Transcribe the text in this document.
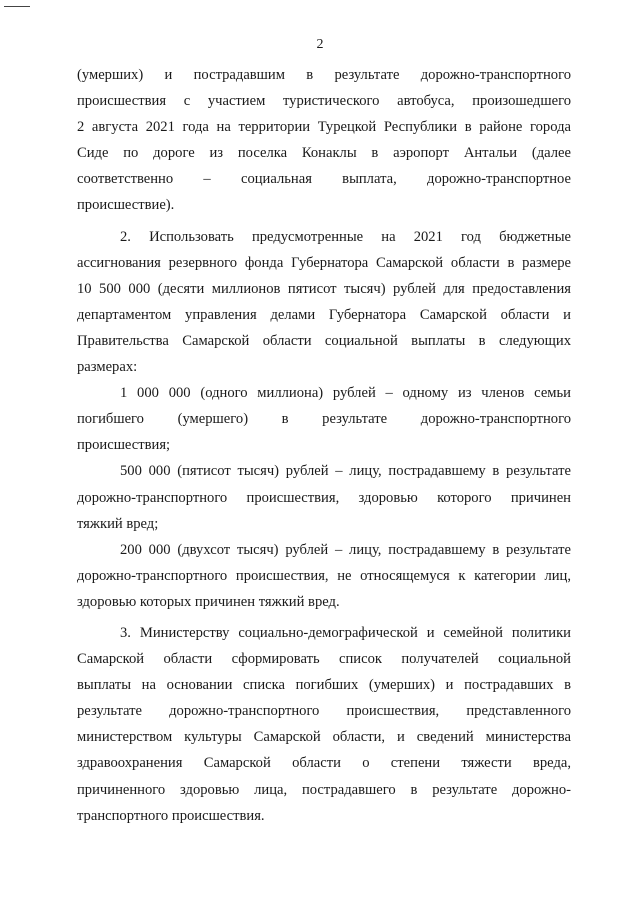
2

(умерших) и пострадавшим в результате дорожно-транспортного

происшествия с участием туристического автобуса, произошедшего

2 августа 2021 года на территории Турецкой Республики в районе города

Сиде по дороге из поселка Конаклы в аэропорт Антальи (далее

соответственно – социальная выплата, дорожно-транспортное

происшествие).

2. Использовать предусмотренные на 2021 год бюджетные

ассигнования резервного фонда Губернатора Самарской области в размере

10 500 000 (десяти миллионов пятисот тысяч) рублей для предоставления

департаментом управления делами Губернатора Самарской области и

Правительства Самарской области социальной выплаты в следующих

размерах:

1 000 000 (одного миллиона) рублей – одному из членов семьи

погибшего (умершего) в результате дорожно-транспортного

происшествия;

500 000 (пятисот тысяч) рублей – лицу, пострадавшему в результате

дорожно-транспортного происшествия, здоровью которого причинен

тяжкий вред;

200 000 (двухсот тысяч) рублей – лицу, пострадавшему в результате

дорожно-транспортного происшествия, не относящемуся к категории лиц,

здоровью которых причинен тяжкий вред.

3. Министерству социально-демографической и семейной политики

Самарской области сформировать список получателей социальной

выплаты на основании списка погибших (умерших) и пострадавших в

результате дорожно-транспортного происшествия, представленного

министерством культуры Самарской области, и сведений министерства

здравоохранения Самарской области о степени тяжести вреда,

причиненного здоровью лица, пострадавшего в результате дорожно-

транспортного происшествия.
